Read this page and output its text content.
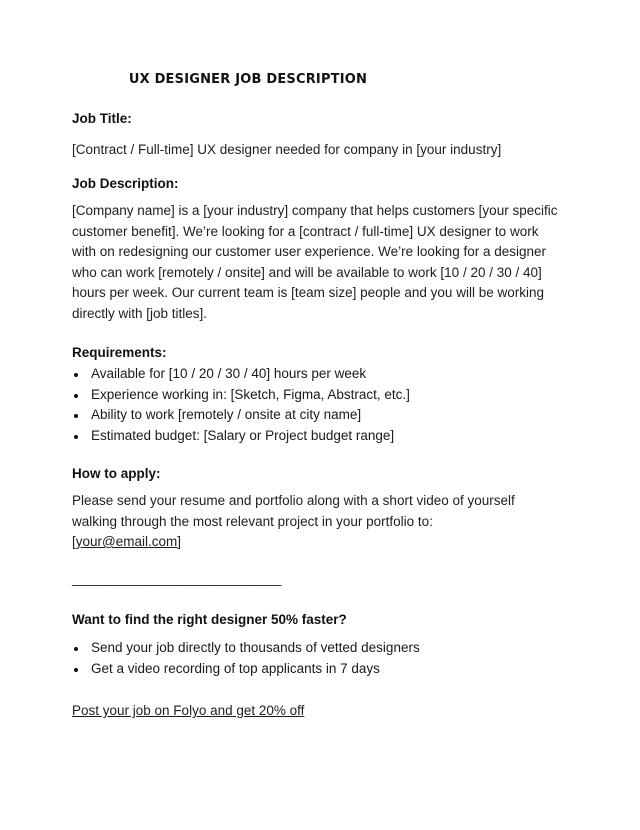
UX DESIGNER JOB DESCRIPTION
Job Title:
[Contract / Full-time] UX designer needed for company in [your industry]
Job Description:
[Company name] is a [your industry] company that helps customers [your specific customer benefit]. We’re looking for a [contract / full-time] UX designer to work with on redesigning our customer user experience. We’re looking for a designer who can work [remotely / onsite] and will be available to work [10 / 20 / 30 / 40] hours per week. Our current team is [team size] people and you will be working directly with [job titles].
Requirements:
Available for [10 / 20 / 30 / 40] hours per week
Experience working in: [Sketch, Figma, Abstract, etc.]
Ability to work [remotely / onsite at city name]
Estimated budget: [Salary or Project budget range]
How to apply:
Please send your resume and portfolio along with a short video of yourself walking through the most relevant project in your portfolio to:
[your@email.com]
________________________________
Want to find the right designer 50% faster?
Send your job directly to thousands of vetted designers
Get a video recording of top applicants in 7 days
Post your job on Folyo and get 20% off
